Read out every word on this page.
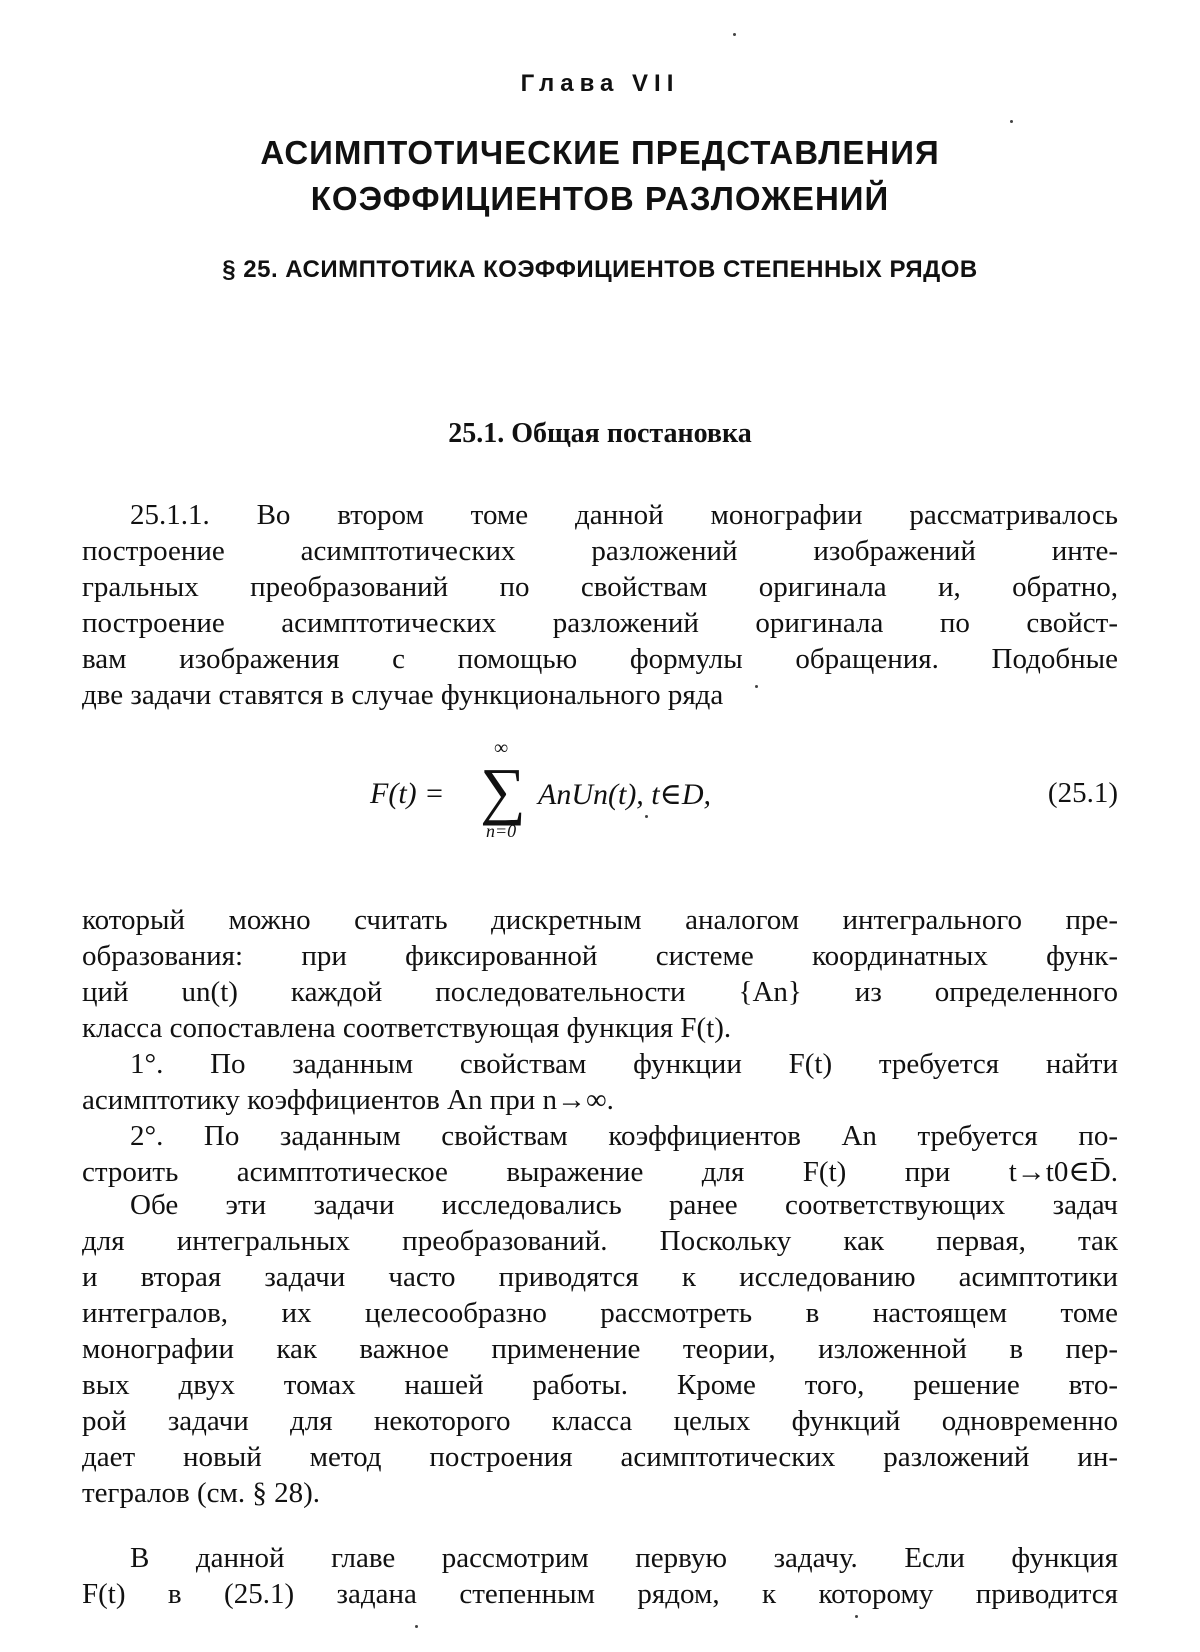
Глава VII
АСИМПТОТИЧЕСКИЕ ПРЕДСТАВЛЕНИЯ
КОЭФФИЦИЕНТОВ РАЗЛОЖЕНИЙ
§ 25. АСИМПТОТИКА КОЭФФИЦИЕНТОВ СТЕПЕННЫХ РЯДОВ
25.1. Общая постановка
25.1.1. Во втором томе данной монографии рассматривалось
построение асимптотических разложений изображений инте-
гральных преобразований по свойствам оригинала и, обратно,
построение асимптотических разложений оригинала по свойст-
вам изображения с помощью формулы обращения. Подобные
две задачи ставятся в случае функционального ряда
F(t) =
∞
∑
n=0
AnUn(t), t∈D,	(25.1)
который можно считать дискретным аналогом интегрального пре-
образования: при фиксированной системе координатных функ-
ций un(t) каждой последовательности {An} из определенного
класса сопоставлена соответствующая функция F(t).
1°. По заданным свойствам функции F(t) требуется найти
асимптотику коэффициентов An при n→∞.
2°. По заданным свойствам коэффициентов An требуется по-
строить асимптотическое выражение для F(t) при t→t0∈D̄.
Обе эти задачи исследовались ранее соответствующих задач
для интегральных преобразований. Поскольку как первая, так
и вторая задачи часто приводятся к исследованию асимптотики
интегралов, их целесообразно рассмотреть в настоящем томе
монографии как важное применение теории, изложенной в пер-
вых двух томах нашей работы. Кроме того, решение вто-
рой задачи для некоторого класса целых функций одновременно
дает новый метод построения асимптотических разложений ин-
тегралов (см. § 28).
В данной главе рассмотрим первую задачу. Если функция
F(t) в (25.1) задана степенным рядом, к которому приводится
